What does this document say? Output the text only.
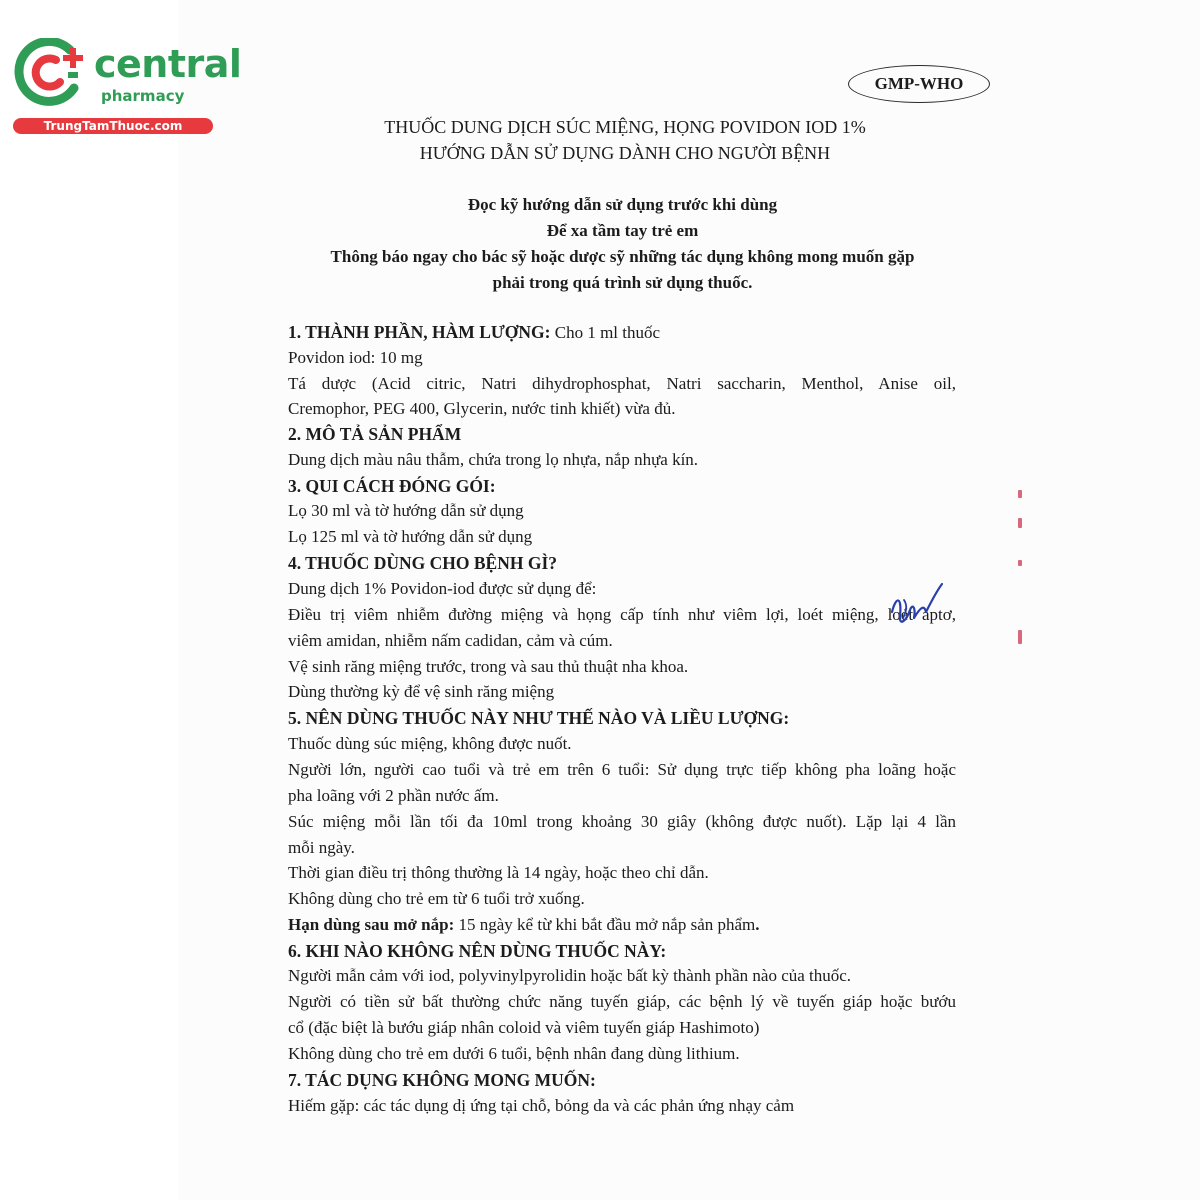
central
pharmacy
TrungTamThuoc.com
GMP-WHO
THUỐC DUNG DỊCH SÚC MIỆNG, HỌNG POVIDON IOD 1%
HƯỚNG DẪN SỬ DỤNG DÀNH CHO NGƯỜI BỆNH
Đọc kỹ hướng dẫn sử dụng trước khi dùng
Để xa tầm tay trẻ em
Thông báo ngay cho bác sỹ hoặc dược sỹ những tác dụng không mong muốn gặp
phải trong quá trình sử dụng thuốc.
1. THÀNH PHẦN, HÀM LƯỢNG: Cho 1 ml thuốc
Povidon iod: 10 mg
Tá dược (Acid citric, Natri dihydrophosphat, Natri saccharin, Menthol, Anise oil,
Cremophor, PEG 400, Glycerin, nước tinh khiết) vừa đủ.
2. MÔ TẢ SẢN PHẨM
Dung dịch màu nâu thẫm, chứa trong lọ nhựa, nắp nhựa kín.
3. QUI CÁCH ĐÓNG GÓI:
Lọ 30 ml và tờ hướng dẫn sử dụng
Lọ 125 ml và tờ hướng dẫn sử dụng
4. THUỐC DÙNG CHO BỆNH GÌ?
Dung dịch 1% Povidon-iod được sử dụng để:
Điều trị viêm nhiễm đường miệng và họng cấp tính như viêm lợi, loét miệng, loét aptơ,
viêm amidan, nhiễm nấm cadidan, cảm và cúm.
Vệ sinh răng miệng trước, trong và sau thủ thuật nha khoa.
Dùng thường kỳ để vệ sinh răng miệng
5. NÊN DÙNG THUỐC NÀY NHƯ THẾ NÀO VÀ LIỀU LƯỢNG:
Thuốc dùng súc miệng, không được nuốt.
Người lớn, người cao tuổi và trẻ em trên 6 tuổi: Sử dụng trực tiếp không pha loãng hoặc
pha loãng với 2 phần nước ấm.
Súc miệng mỗi lần tối đa 10ml trong khoảng 30 giây (không được nuốt). Lặp lại 4 lần
mỗi ngày.
Thời gian điều trị thông thường là 14 ngày, hoặc theo chỉ dẫn.
Không dùng cho trẻ em từ 6 tuổi trở xuống.
Hạn dùng sau mở nắp: 15 ngày kể từ khi bắt đầu mở nắp sản phẩm.
6. KHI NÀO KHÔNG NÊN DÙNG THUỐC NÀY:
Người mẫn cảm với iod, polyvinylpyrolidin hoặc bất kỳ thành phần nào của thuốc.
Người có tiền sử bất thường chức năng tuyến giáp, các bệnh lý về tuyến giáp hoặc bướu
cổ (đặc biệt là bướu giáp nhân coloid và viêm tuyến giáp Hashimoto)
Không dùng cho trẻ em dưới 6 tuổi, bệnh nhân đang dùng lithium.
7. TÁC DỤNG KHÔNG MONG MUỐN:
Hiếm gặp: các tác dụng dị ứng tại chỗ, bỏng da và các phản ứng nhạy cảm
